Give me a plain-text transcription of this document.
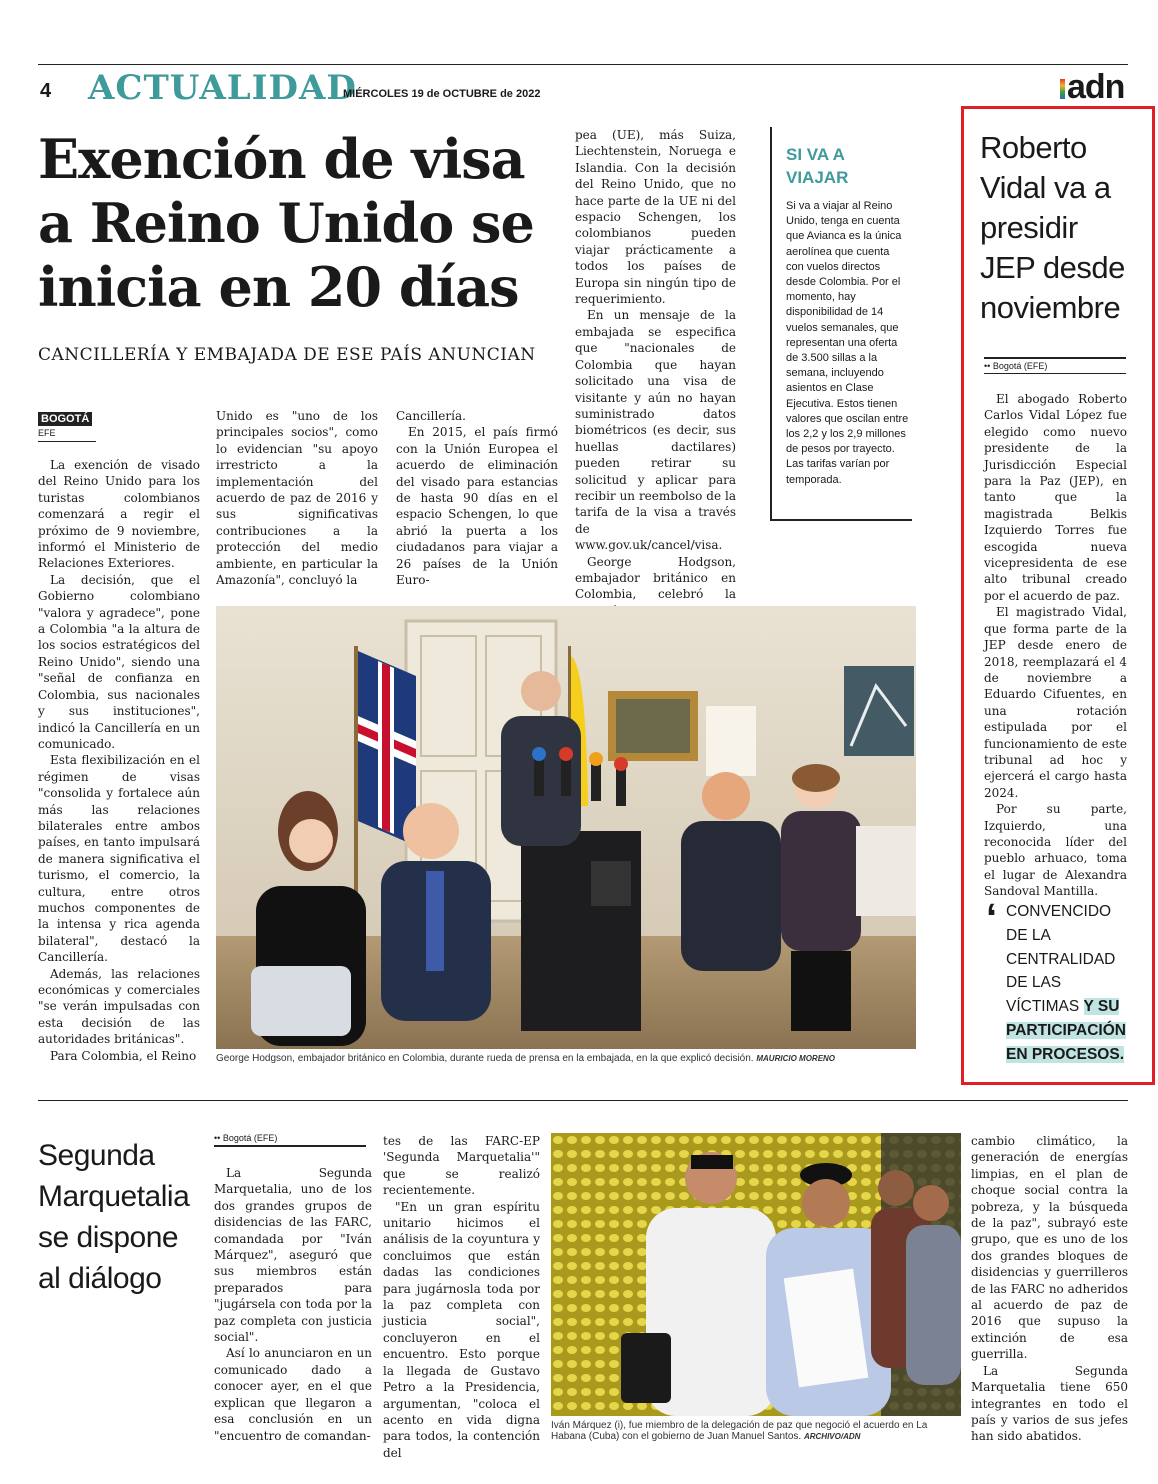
4 ACTUALIDAD
MIÉRCOLES 19 de OCTUBRE de 2022	adn
Exención de visa a Reino Unido se inicia en 20 días
CANCILLERÍA Y EMBAJADA DE ESE PAÍS ANUNCIAN
BOGOTÁ
EFE

La exención de visado del Reino Unido para los turistas colombianos comenzará a regir el próximo de 9 noviembre, informó el Ministerio de Relaciones Exteriores.

La decisión, que el Gobierno colombiano "valora y agradece", pone a Colombia "a la altura de los socios estratégicos del Reino Unido", siendo una "señal de confianza en Colombia, sus nacionales y sus instituciones", indicó la Cancillería en un comunicado.

Esta flexibilización en el régimen de visas "consolida y fortalece aún más las relaciones bilaterales entre ambos países, en tanto impulsará de manera significativa el turismo, el comercio, la cultura, entre otros muchos componentes de la intensa y rica agenda bilateral", destacó la Cancillería.

Además, las relaciones económicas y comerciales "se verán impulsadas con esta decisión de las autoridades británicas".

Para Colombia, el Reino

Unido es "uno de los principales socios", como lo evidencian "su apoyo irrestricto a la implementación del acuerdo de paz de 2016 y sus significativas contribuciones a la protección del medio ambiente, en particular la Amazonía", concluyó la

Cancillería.

En 2015, el país firmó con la Unión Europea el acuerdo de eliminación del visado para estancias de hasta 90 días en el espacio Schengen, lo que abrió la puerta a los ciudadanos para viajar a 26 países de la Unión Euro-

pea (UE), más Suiza, Liechtenstein, Noruega e Islandia. Con la decisión del Reino Unido, que no hace parte de la UE ni del espacio Schengen, los colombianos pueden viajar prácticamente a todos los países de Europa sin ningún tipo de requerimiento.

En un mensaje de la embajada se especifica que "nacionales de Colombia que hayan solicitado una visa de visitante y aún no hayan suministrado datos biométricos (es decir, sus huellas dactilares) pueden retirar su solicitud y aplicar para recibir un reembolso de la tarifa de la visa a través de www.gov.uk/cancel/visa.

George Hodgson, embajador británico en Colombia, celebró la

SI VA A VIAJAR
Si va a viajar al Reino Unido, tenga en cuenta que Avianca es la única aerolínea que cuenta con vuelos directos desde Colombia. Por el momento, hay disponibilidad de 14 vuelos semanales, que representan una oferta de 3.500 sillas a la semana, incluyendo asientos en Clase Ejecutiva. Estos tienen valores que oscilan entre los 2,2 y los 2,9 millones de pesos por trayecto.
Las tarifas varían por temporada.
George Hodgson, embajador británico en Colombia, durante rueda de prensa en la embajada, en la que explicó decisión. MAURICIO MORENO
Roberto Vidal va a presidir JEP desde noviembre
•• Bogotá (EFE)

El abogado Roberto Carlos Vidal López fue elegido como nuevo presidente de la Jurisdicción Especial para la Paz (JEP), en tanto que la magistrada Belkis Izquierdo Torres fue escogida nueva vicepresidenta de ese alto tribunal creado por el acuerdo de paz.

El magistrado Vidal, que forma parte de la JEP desde enero de 2018, reemplazará el 4 de noviembre a Eduardo Cifuentes, en una rotación estipulada por el funcionamiento de este tribunal ad hoc y ejercerá el cargo hasta 2024.

Por su parte, Izquierdo, una reconocida líder del pueblo arhuaco, toma el lugar de Alexandra Sandoval Mantilla.

‘ CONVENCIDO DE LA CENTRALIDAD DE LAS VÍCTIMAS Y SU PARTICIPACIÓN EN PROCESOS.
Segunda Marquetalia se dispone al diálogo
•• Bogotá (EFE)

La Segunda Marquetalia, uno de los dos grandes grupos de disidencias de las FARC, comandada por "Iván Márquez", aseguró que sus miembros están preparados para "jugársela con toda por la paz completa con justicia social".

Así lo anunciaron en un comunicado dado a conocer ayer, en el que explican que llegaron a esa conclusión en un "encuentro de comandan-

tes de las FARC-EP 'Segunda Marquetalia'" que se realizó recientemente.

"En un gran espíritu unitario hicimos el análisis de la coyuntura y concluimos que están dadas las condiciones para jugárnosla toda por la paz completa con justicia social", concluyeron en el encuentro. Esto porque la llegada de Gustavo Petro a la Presidencia, argumentan, "coloca el acento en vida digna para todos, la contención del

cambio climático, la generación de energías limpias, en el plan de choque social contra la pobreza, y la búsqueda de la paz", subrayó este grupo, que es uno de los dos grandes bloques de disidencias y guerrilleros de las FARC no adheridos al acuerdo de paz de 2016 que supuso la extinción de esa guerrilla.

La Segunda Marquetalia tiene 650 integrantes en todo el país y varios de sus jefes han sido abatidos.

Iván Márquez (i), fue miembro de la delegación de paz que negoció el acuerdo en La Habana (Cuba) con el gobierno de Juan Manuel Santos. ARCHIVO/ADN
